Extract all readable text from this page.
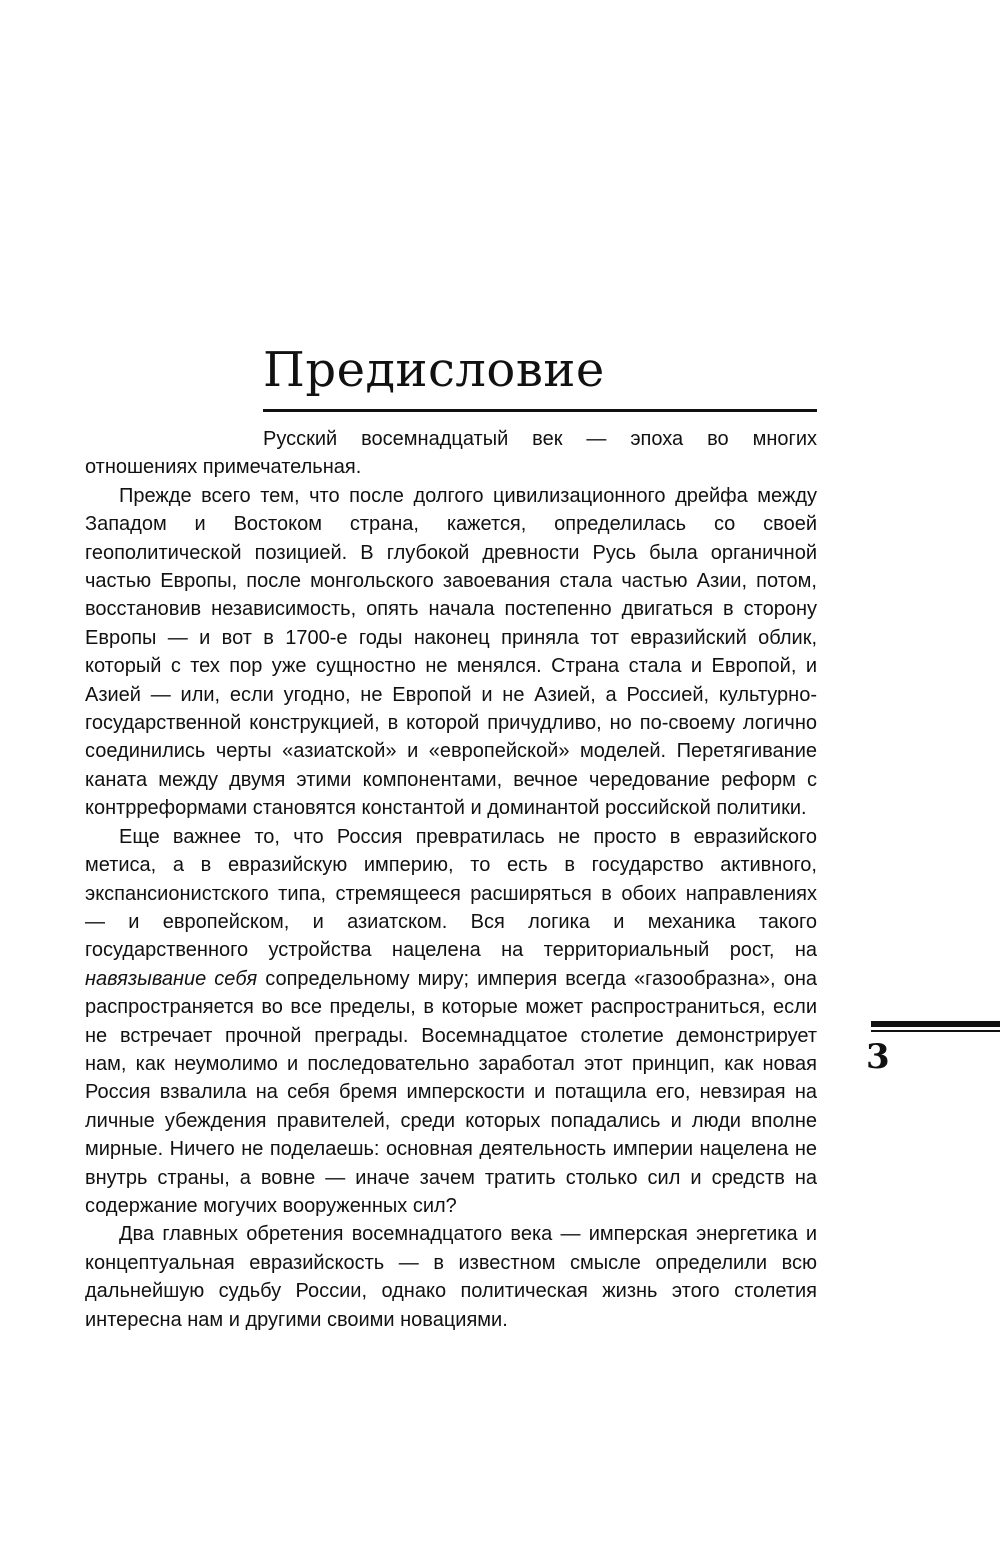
Предисловие

Русский восемнадцатый век — эпоха во многих отношениях примечательная.

Прежде всего тем, что после долгого цивилизационного дрейфа между Западом и Востоком страна, кажется, определилась со своей геополитической позицией. В глубокой древности Русь была органичной частью Европы, после монгольского завоевания стала частью Азии, потом, восстановив независимость, опять начала постепенно двигаться в сторону Европы — и вот в 1700-е годы наконец приняла тот евразийский облик, который с тех пор уже сущностно не менялся. Страна стала и Европой, и Азией — или, если угодно, не Европой и не Азией, а Россией, культурно-государственной конструкцией, в которой причудливо, но по-своему логично соединились черты «азиатской» и «европейской» моделей. Перетягивание каната между двумя этими компонентами, вечное чередование реформ с контрреформами становятся константой и доминантой российской политики.

Еще важнее то, что Россия превратилась не просто в евразийского метиса, а в евразийскую империю, то есть в государство активного, экспансионистского типа, стремящееся расширяться в обоих направлениях — и европейском, и азиатском. Вся логика и механика такого государственного устройства нацелена на территориальный рост, на навязывание себя сопредельному миру; империя всегда «газообразна», она распространяется во все пределы, в которые может распространиться, если не встречает прочной преграды. Восемнадцатое столетие демонстрирует нам, как неумолимо и последовательно заработал этот принцип, как новая Россия взвалила на себя бремя имперскости и потащила его, невзирая на личные убеждения правителей, среди которых попадались и люди вполне мирные. Ничего не поделаешь: основная деятельность империи нацелена не внутрь страны, а вовне — иначе зачем тратить столько сил и средств на содержание могучих вооруженных сил?

Два главных обретения восемнадцатого века — имперская энергетика и концептуальная евразийскость — в известном смысле определили всю дальнейшую судьбу России, однако политическая жизнь этого столетия интересна нам и другими своими новациями.

3
